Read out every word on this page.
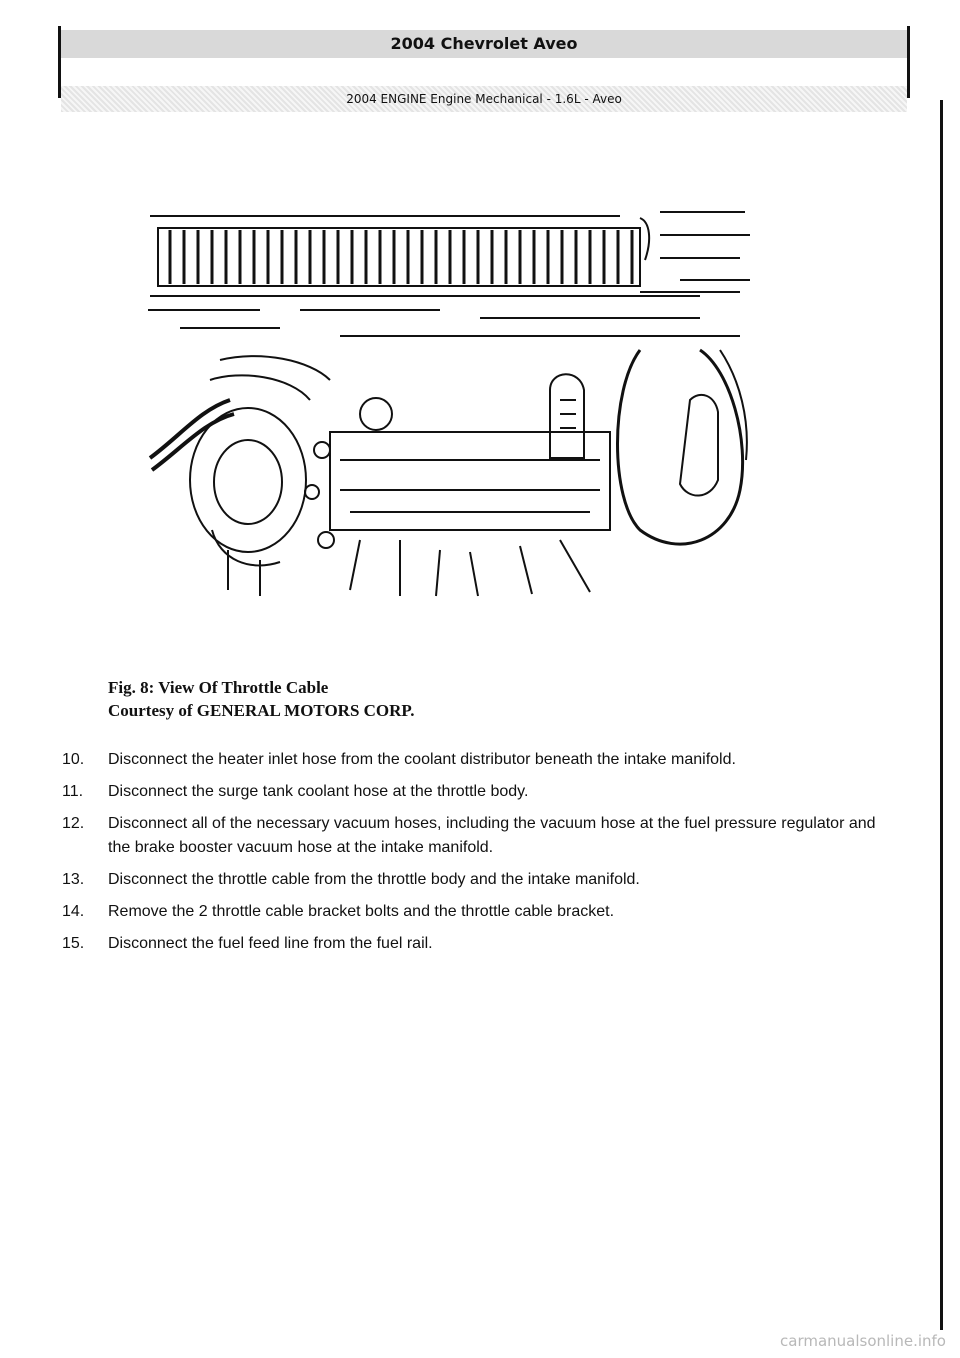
2004 Chevrolet Aveo
2004 ENGINE Engine Mechanical - 1.6L - Aveo
Fig. 8: View Of Throttle Cable
Courtesy of GENERAL MOTORS CORP.
10. Disconnect the heater inlet hose from the coolant distributor beneath the intake manifold.
11. Disconnect the surge tank coolant hose at the throttle body.
12. Disconnect all of the necessary vacuum hoses, including the vacuum hose at the fuel pressure regulator and the brake booster vacuum hose at the intake manifold.
13. Disconnect the throttle cable from the throttle body and the intake manifold.
14. Remove the 2 throttle cable bracket bolts and the throttle cable bracket.
15. Disconnect the fuel feed line from the fuel rail.
carmanualsonline.info
